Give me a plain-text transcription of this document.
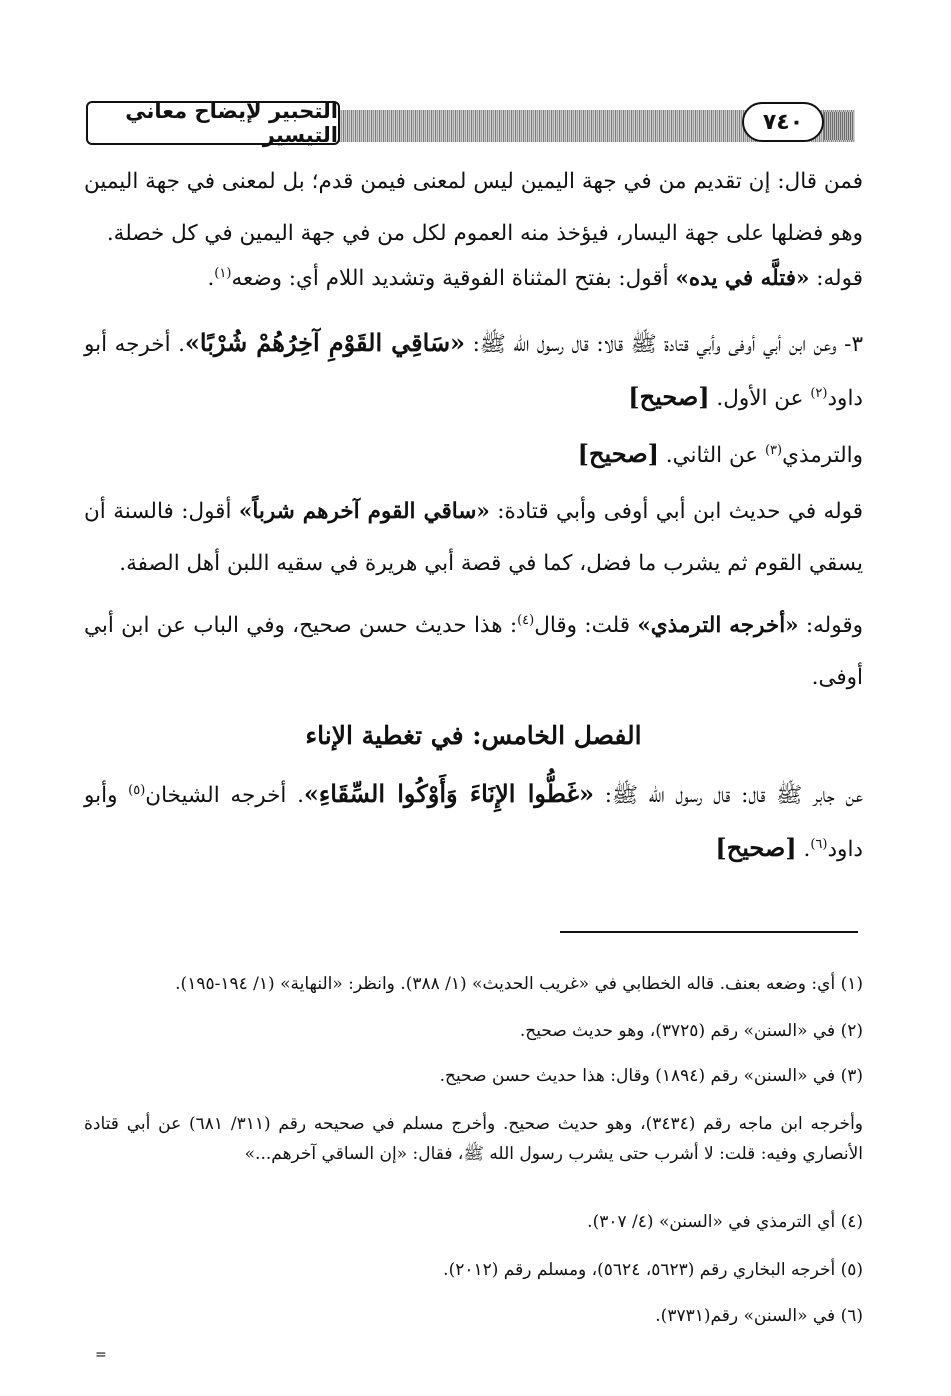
التحبير لإيضاح معاني التيسير
٧٤٠

فمن قال: إن تقديم من في جهة اليمين ليس لمعنى فيمن قدم؛ بل لمعنى في جهة اليمين وهو فضلها على جهة اليسار، فيؤخذ منه العموم لكل من في جهة اليمين في كل خصلة.

قوله: «فتلَّه في يده» أقول: بفتح المثناة الفوقية وتشديد اللام أي: وضعه$^{(١)}$.

٣- وعن ابن أبي أوفى وأبي قتادة ﷺ قالا: قال رسول الله ﷺ: «سَاقِي القَوْمِ آخِرُهُمْ شُرْبًا». أخرجه أبو داود$^{(٢)}$ عن الأول. [صحيح]

والترمذي$^{(٣)}$ عن الثاني. [صحيح]

قوله في حديث ابن أبي أوفى وأبي قتادة: «ساقي القوم آخرهم شرباً» أقول: فالسنة أن يسقي القوم ثم يشرب ما فضل، كما في قصة أبي هريرة في سقيه اللبن أهل الصفة.

وقوله: «أخرجه الترمذي» قلت: وقال$^{(٤)}$: هذا حديث حسن صحيح، وفي الباب عن ابن أبي أوفى.

الفصل الخامس: في تغطية الإناء

عن جابر ﷺ قال: قال رسول الله ﷺ: «غَطُّوا الإِنَاءَ وَأَوْكُوا السِّقَاءِ». أخرجه الشيخان$^{(٥)}$ وأبو داود$^{(٦)}$. [صحيح]

(١) أي: وضعه بعنف. قاله الخطابي في «غريب الحديث» (١/ ٣٨٨). وانظر: «النهاية» (١/ ١٩٤-١٩٥).

(٢) في «السنن» رقم (٣٧٢٥)، وهو حديث صحيح.

(٣) في «السنن» رقم (١٨٩٤) وقال: هذا حديث حسن صحيح.

وأخرجه ابن ماجه رقم (٣٤٣٤)، وهو حديث صحيح. وأخرج مسلم في صحيحه رقم (٣١١/ ٦٨١) عن أبي قتادة الأنصاري وفيه: قلت: لا أشرب حتى يشرب رسول الله ﷺ، فقال: «إن الساقي آخرهم...»

(٤) أي الترمذي في «السنن» (٤/ ٣٠٧).

(٥) أخرجه البخاري رقم (٥٦٢٣، ٥٦٢٤)، ومسلم رقم (٢٠١٢).

(٦) في «السنن» رقم(٣٧٣١).

=
